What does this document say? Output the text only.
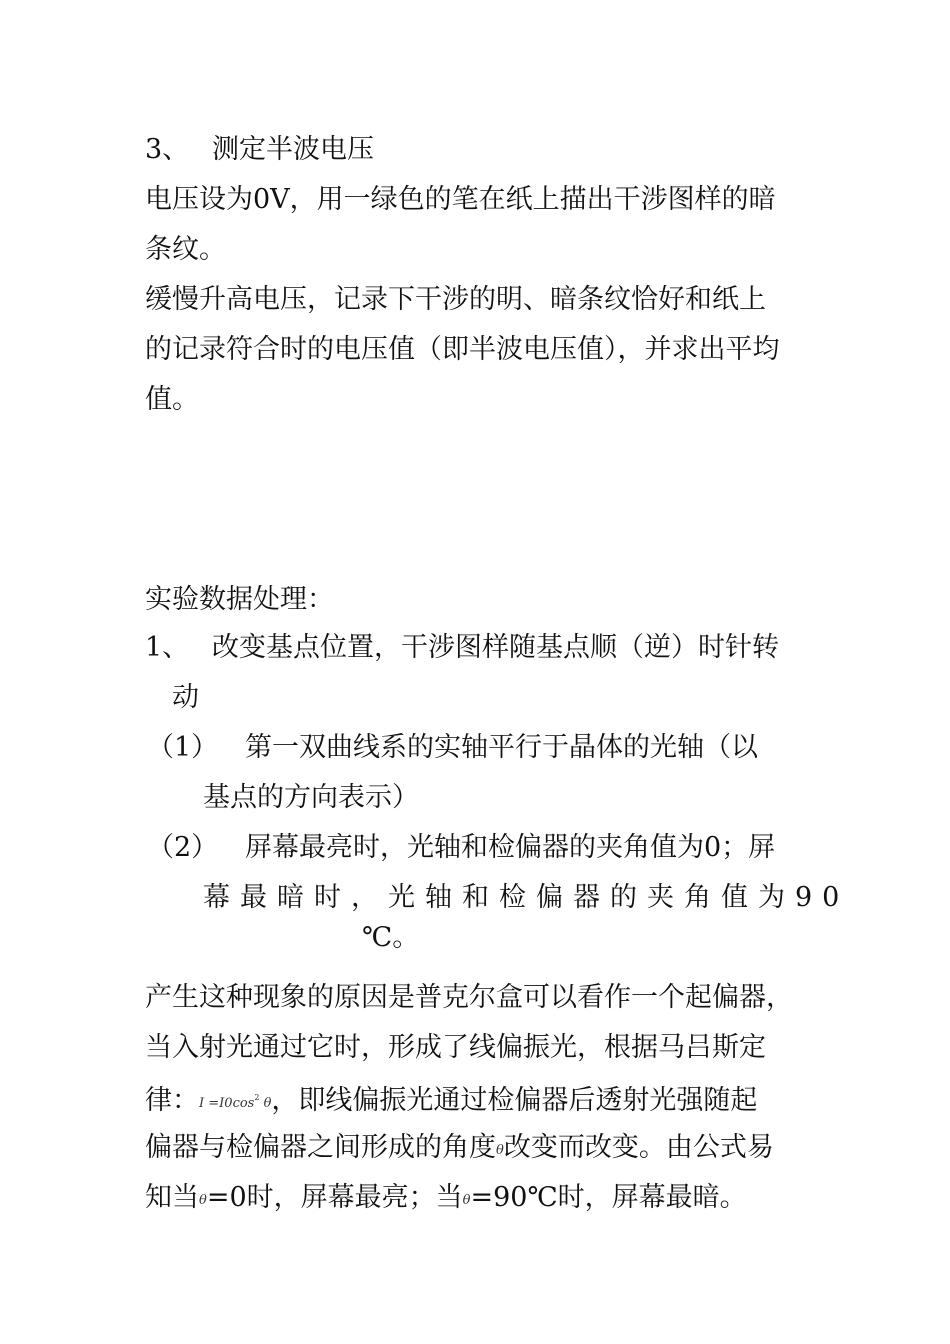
3、 测定半波电压
电压设为0V，用一绿色的笔在纸上描出干涉图样的暗
条纹。
缓慢升高电压，记录下干涉的明、暗条纹恰好和纸上
的记录符合时的电压值（即半波电压值），并求出平均
值。
实验数据处理：
1、 改变基点位置，干涉图样随基点顺（逆）时针转
动
（1） 第一双曲线系的实轴平行于晶体的光轴（以
基点的方向表示）
（2） 屏幕最亮时，光轴和检偏器的夹角值为0；屏
幕最暗时，光轴和检偏器的夹角值为90
℃。
产生这种现象的原因是普克尔盒可以看作一个起偏器，
当入射光通过它时，形成了线偏振光，根据马吕斯定
律：$I =I0\cos^2$ θ，即线偏振光通过检偏器后透射光强随起
偏器与检偏器之间形成的角度θ改变而改变。由公式易
知当θ=0时，屏幕最亮；当θ=90℃时，屏幕最暗。
